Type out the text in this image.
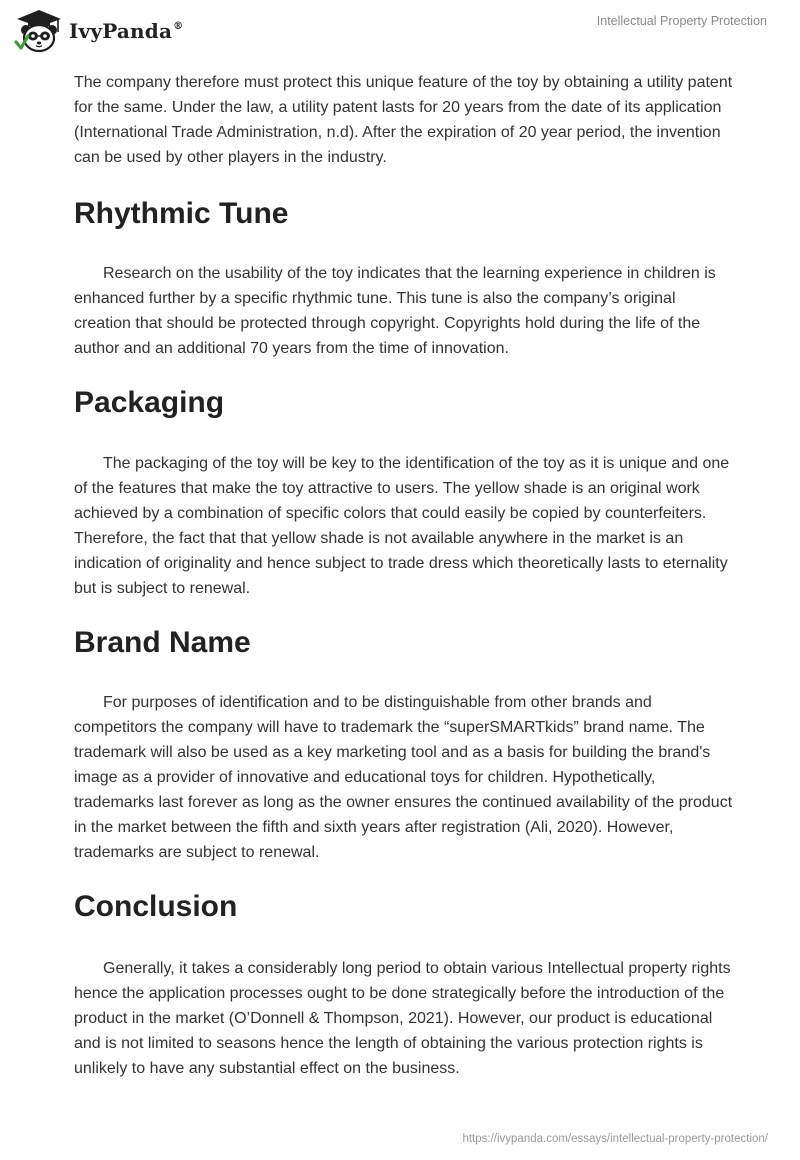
IvyPanda®	Intellectual Property Protection

The company therefore must protect this unique feature of the toy by obtaining a utility patent for the same. Under the law, a utility patent lasts for 20 years from the date of its application (International Trade Administration, n.d). After the expiration of 20 year period, the invention can be used by other players in the industry.

Rhythmic Tune

Research on the usability of the toy indicates that the learning experience in children is enhanced further by a specific rhythmic tune. This tune is also the company’s original creation that should be protected through copyright. Copyrights hold during the life of the author and an additional 70 years from the time of innovation.

Packaging

The packaging of the toy will be key to the identification of the toy as it is unique and one of the features that make the toy attractive to users. The yellow shade is an original work achieved by a combination of specific colors that could easily be copied by counterfeiters. Therefore, the fact that that yellow shade is not available anywhere in the market is an indication of originality and hence subject to trade dress which theoretically lasts to eternality but is subject to renewal.

Brand Name

For purposes of identification and to be distinguishable from other brands and competitors the company will have to trademark the “superSMARTkids” brand name. The trademark will also be used as a key marketing tool and as a basis for building the brand's image as a provider of innovative and educational toys for children. Hypothetically, trademarks last forever as long as the owner ensures the continued availability of the product in the market between the fifth and sixth years after registration (Ali, 2020). However, trademarks are subject to renewal.

Conclusion

Generally, it takes a considerably long period to obtain various Intellectual property rights hence the application processes ought to be done strategically before the introduction of the product in the market (O’Donnell & Thompson, 2021). However, our product is educational and is not limited to seasons hence the length of obtaining the various protection rights is unlikely to have any substantial effect on the business.

https://ivypanda.com/essays/intellectual-property-protection/
